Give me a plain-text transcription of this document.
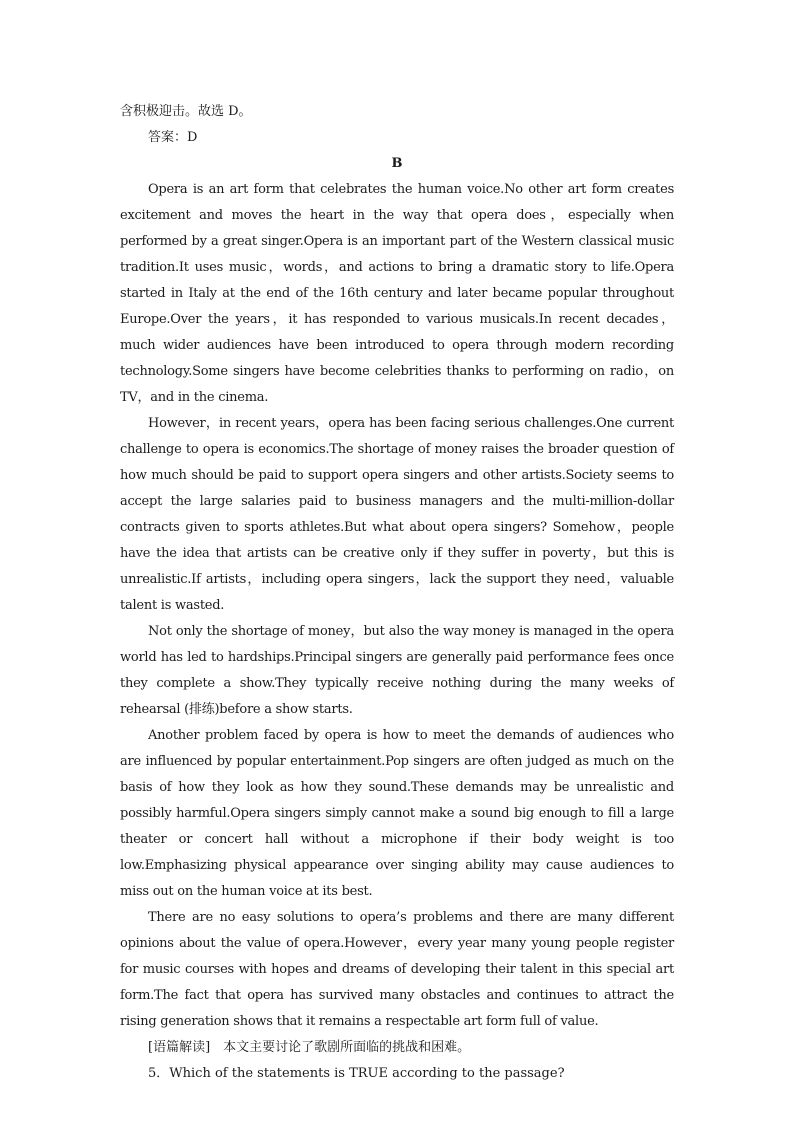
含积极迎击。故选 D。

答案：D

B

Opera is an art form that celebrates the human voice.No other art form creates excitement and moves the heart in the way that opera does，especially when performed by a great singer.Opera is an important part of the Western classical music tradition.It uses music，words，and actions to bring a dramatic story to life.Opera started in Italy at the end of the 16th century and later became popular throughout Europe.Over the years，it has responded to various musicals.In recent decades，much wider audiences have been introduced to opera through modern recording technology.Some singers have become celebrities thanks to performing on radio，on TV，and in the cinema.

However，in recent years，opera has been facing serious challenges.One current challenge to opera is economics.The shortage of money raises the broader question of how much should be paid to support opera singers and other artists.Society seems to accept the large salaries paid to business managers and the multi-million-dollar contracts given to sports athletes.But what about opera singers? Somehow，people have the idea that artists can be creative only if they suffer in poverty，but this is unrealistic.If artists，including opera singers，lack the support they need，valuable talent is wasted.

Not only the shortage of money，but also the way money is managed in the opera world has led to hardships.Principal singers are generally paid performance fees once they complete a show.They typically receive nothing during the many weeks of rehearsal (排练)before a show starts.

Another problem faced by opera is how to meet the demands of audiences who are influenced by popular entertainment.Pop singers are often judged as much on the basis of how they look as how they sound.These demands may be unrealistic and possibly harmful.Opera singers simply cannot make a sound big enough to fill a large theater or concert hall without a microphone if their body weight is too low.Emphasizing physical appearance over singing ability may cause audiences to miss out on the human voice at its best.

There are no easy solutions to opera’s problems and there are many different opinions about the value of opera.However，every year many young people register for music courses with hopes and dreams of developing their talent in this special art form.The fact that opera has survived many obstacles and continues to attract the rising generation shows that it remains a respectable art form full of value.

[语篇解读]　本文主要讨论了歌剧所面临的挑战和困难。

5．Which of the statements is TRUE according to the passage?
